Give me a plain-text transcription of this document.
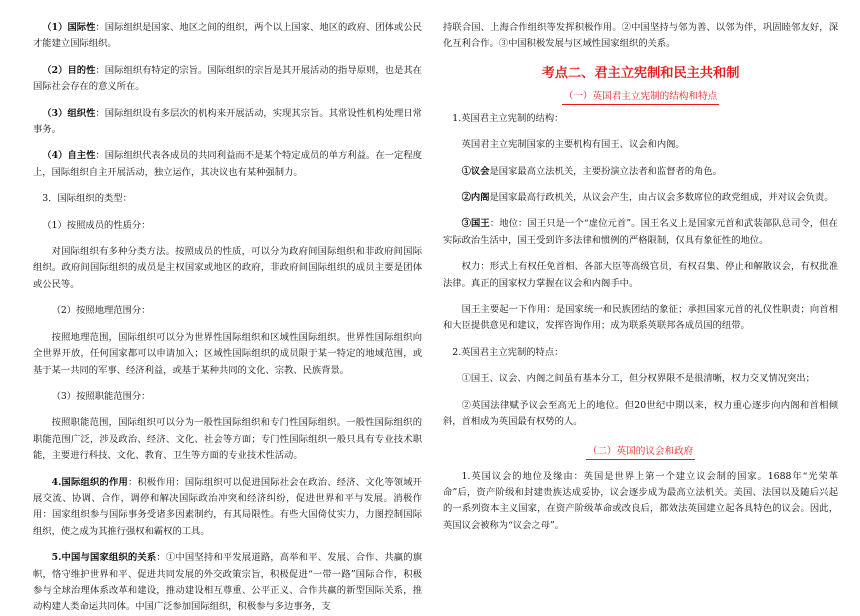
（1）国际性：国际组织是国家、地区之间的组织，两个以上国家、地区的政府、团体或公民才能建立国际组织。

（2）目的性：国际组织有特定的宗旨。国际组织的宗旨是其开展活动的指导原则，也是其在国际社会存在的意义所在。

（3）组织性：国际组织设有多层次的机构来开展活动，实现其宗旨。其常设性机构处理日常事务。

（4）自主性：国际组织代表各成员的共同利益而不是某个特定成员的单方利益。在一定程度上，国际组织自主开展活动，独立运作，其决议也有某种强制力。

3．国际组织的类型：

（1）按照成员的性质分：

对国际组织有多种分类方法。按照成员的性质，可以分为政府间国际组织和非政府间国际组织。政府间国际组织的成员是主权国家或地区的政府，非政府间国际组织的成员主要是团体或公民等。

（2）按照地理范围分：

按照地理范围，国际组织可以分为世界性国际组织和区域性国际组织。世界性国际组织向全世界开放，任何国家都可以申请加入；区域性国际组织的成员限于某一特定的地域范围，或基于某一共同的军事、经济利益，或基于某种共同的文化、宗教、民族背景。

（3）按照职能范围分：

按照职能范围，国际组织可以分为一般性国际组织和专门性国际组织。一般性国际组织的职能范围广泛，涉及政治、经济、文化、社会等方面；专门性国际组织一般只具有专业技术职能，主要进行科技、文化、教育、卫生等方面的专业技术性活动。

4.国际组织的作用：积极作用：国际组织可以促进国际社会在政治、经济、文化等领域开展交流、协调、合作，调停和解决国际政治冲突和经济纠纷，促进世界和平与发展。消极作用：国家组织参与国际事务受诸多因素制约，有其局限性。有些大国倚仗实力，力图控制国际组织，使之成为其推行强权和霸权的工具。

5.中国与国家组织的关系：①中国坚持和平发展道路，高举和平、发展、合作、共赢的旗帜，恪守维护世界和平、促进共同发展的外交政策宗旨，积极促进“一带一路”国际合作，积极参与全球治理体系改革和建设，推动建设相互尊重、公平正义、合作共赢的新型国际关系，推动构建人类命运共同体。中国广泛参加国际组织，积极参与多边事务，支

持联合国、上海合作组织等发挥积极作用。②中国坚持与邻为善、以邻为伴，巩固睦邻友好，深化互利合作。③中国积极发展与区域性国家组织的关系。

考点二、君主立宪制和民主共和制
（一）英国君主立宪制的结构和特点

1.英国君主立宪制的结构：

英国君主立宪制国家的主要机构有国王、议会和内阁。

①议会是国家最高立法机关，主要扮演立法者和监督者的角色。

②内阁是国家最高行政机关，从议会产生，由占议会多数席位的政党组成，并对议会负责。

③国王：地位：国王只是一个“虚位元首”。国王名义上是国家元首和武装部队总司令，但在实际政治生活中，国王受到许多法律和惯例的严格限制，仅具有象征性的地位。

权力：形式上有权任免首相、各部大臣等高级官员，有权召集、停止和解散议会，有权批准法律。真正的国家权力掌握在议会和内阁手中。

国王主要起一下作用：是国家统一和民族团结的象征；承担国家元首的礼仪性职责；向首相和大臣提供意见和建议，发挥咨询作用；成为联系英联邦各成员国的纽带。

2.英国君主立宪制的特点：

①国王、议会、内阁之间虽有基本分工，但分权界限不是很清晰，权力交叉情况突出；

②英国法律赋予议会至高无上的地位。但20世纪中期以来，权力重心逐步向内阁和首相倾斜，首相成为英国最有权势的人。

（二）英国的议会和政府

1.英国议会的地位及缘由：英国是世界上第一个建立议会制的国家。1688年“光荣革命”后，资产阶级和封建贵族达成妥协，议会逐步成为最高立法机关。美国、法国以及随后兴起的一系列资本主义国家，在资产阶级革命或改良后，都效法英国建立起各具特色的议会。因此，英国议会被称为“议会之母”。
